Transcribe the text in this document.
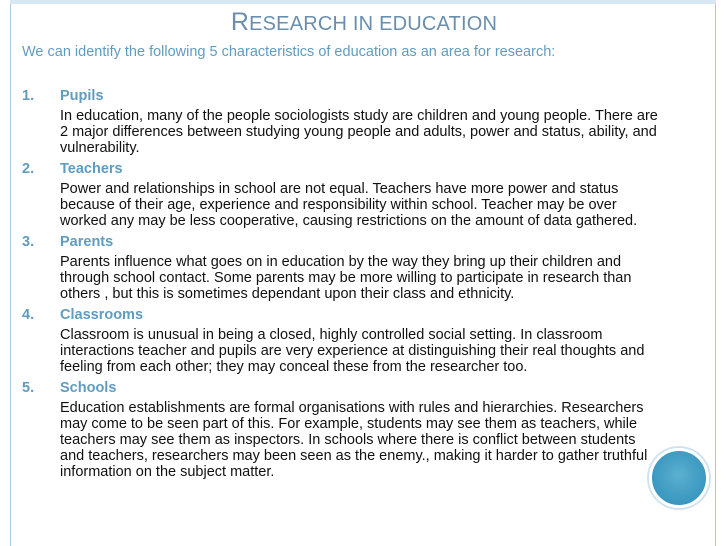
RESEARCH IN EDUCATION
We can identify the following 5 characteristics of education as an area for research:
1.	Pupils
In education, many of the people sociologists study are children and young people. There are 2 major differences between studying young people and adults, power and status, ability, and vulnerability.
2.	Teachers
Power and relationships in school are not equal. Teachers have more power and status because of their age, experience and responsibility within school. Teacher may be over worked any may be less cooperative, causing restrictions on the amount of data gathered.
3.	Parents
Parents influence what goes on in education by the way they bring up their children and through school contact. Some parents may be more willing to participate in research than others , but this is sometimes dependant upon their class and ethnicity.
4.	Classrooms
Classroom is unusual in being a closed, highly controlled social setting. In classroom interactions teacher and pupils are very experience at distinguishing their real thoughts and feeling from each other; they may conceal these from the researcher too.
5.	Schools
Education establishments are formal organisations with rules and hierarchies. Researchers may come to be seen part of this. For example, students may see them as teachers, while teachers may see them as inspectors. In schools where there is conflict between students and teachers, researchers may been seen as the enemy., making it harder to gather truthful information on the subject matter.
